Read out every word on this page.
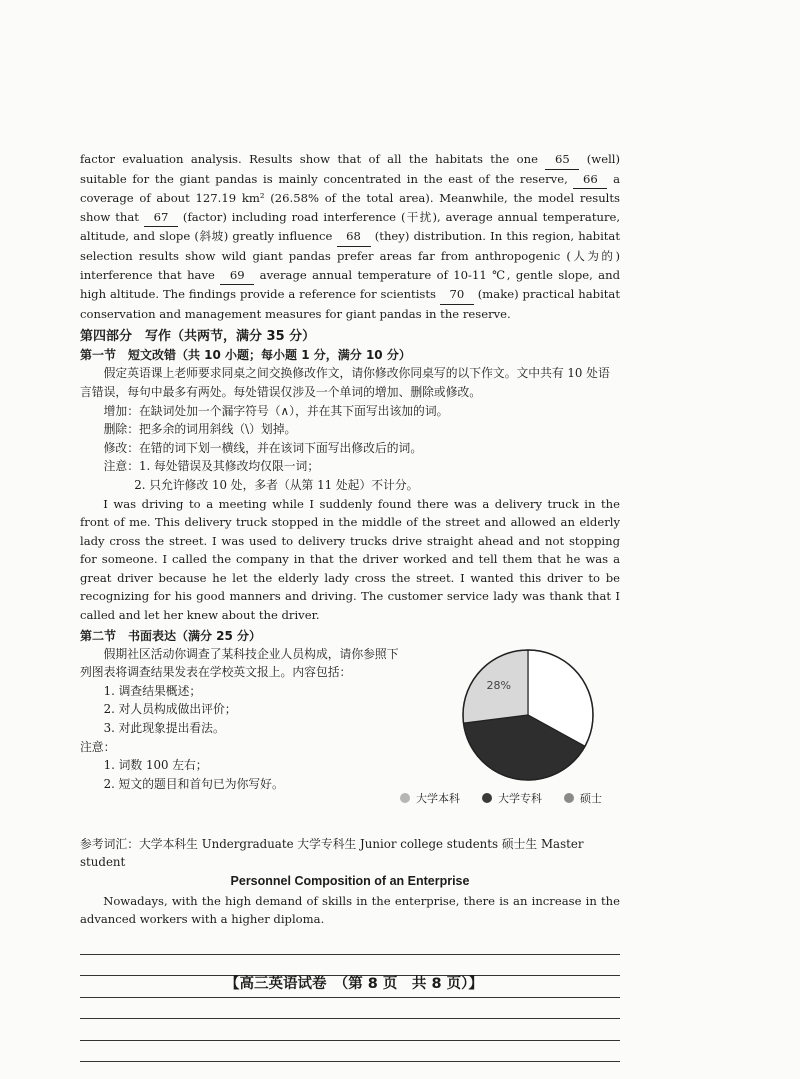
factor evaluation analysis. Results show that of all the habitats the one 65 (well) suitable for the giant pandas is mainly concentrated in the east of the reserve, 66 a coverage of about 127.19 km² (26.58% of the total area). Meanwhile, the model results show that 67 (factor) including road interference (干扰), average annual temperature, altitude, and slope (斜坡) greatly influence 68 (they) distribution. In this region, habitat selection results show wild giant pandas prefer areas far from anthropogenic (人为的) interference that have 69 average annual temperature of 10-11 ℃, gentle slope, and high altitude. The findings provide a reference for scientists 70 (make) practical habitat conservation and management measures for giant pandas in the reserve.

第四部分　写作（共两节，满分 35 分）

第一节　短文改错（共 10 小题；每小题 1 分，满分 10 分）

假定英语课上老师要求同桌之间交换修改作文，请你修改你同桌写的以下作文。文中共有 10 处语言错误，每句中最多有两处。每处错误仅涉及一个单词的增加、删除或修改。

增加：在缺词处加一个漏字符号（∧），并在其下面写出该加的词。

删除：把多余的词用斜线（\）划掉。

修改：在错的词下划一横线，并在该词下面写出修改后的词。

注意：1. 每处错误及其修改均仅限一词；

2. 只允许修改 10 处，多者（从第 11 处起）不计分。

I was driving to a meeting while I suddenly found there was a delivery truck in the front of me. This delivery truck stopped in the middle of the street and allowed an elderly lady cross the street. I was used to delivery trucks drive straight ahead and not stopping for someone. I called the company in that the driver worked and tell them that he was a great driver because he let the elderly lady cross the street. I wanted this driver to be recognizing for his good manners and driving. The customer service lady was thank that I called and let her knew about the driver.

第二节　书面表达（满分 25 分）

假期社区活动你调查了某科技企业人员构成，请你参照下列图表将调查结果发表在学校英文报上。内容包括：

1. 调查结果概述；

2. 对人员构成做出评价；

3. 对此现象提出看法。

注意：

1. 词数 100 左右；

2. 短文的题目和首句已为你写好。

28%
大学本科	大学专科	硕士

参考词汇：大学本科生 Undergraduate 大学专科生 Junior college students 硕士生 Master student

Personnel Composition of an Enterprise

Nowadays, with the high demand of skills in the enterprise, there is an increase in the advanced workers with a higher diploma.

【高三英语试卷　（第 8 页　共 8 页）】
